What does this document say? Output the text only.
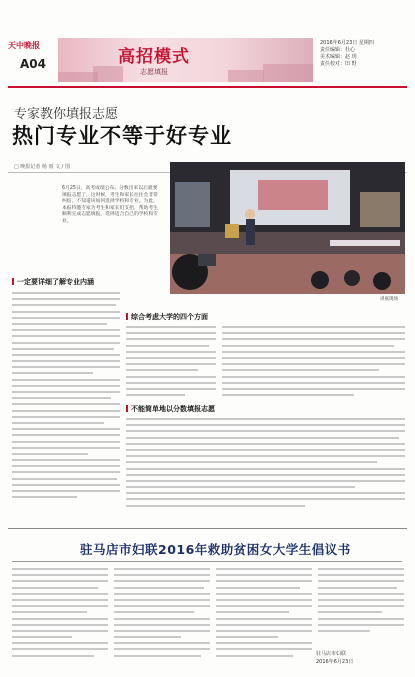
天中晚报
A04	高招模式
志愿填报
2016年6月23日 星期四
责任编辑：杜心
美术编辑：赵 玥
责任校对：田 野
专家教你填报志愿
热门专业不等于好专业
□ 晚报记者 杨 雨 文 / 图
6月25日，高考成绩公布。分数出来以后就要填报志愿了，这时候，考生和家长往往会非常纠结，不知道该如何选择学校和专业。为此，本报特邀专家为考生和家长们支招，帮助考生顺利完成志愿填报，选择适合自己的学校和专业。
讲座现场
一定要详细了解专业内涵
综合考虑大学的四个方面
不能简单地以分数填报志愿
驻马店市妇联2016年救助贫困女大学生倡议书
驻马店市妇联
2016年6月23日
